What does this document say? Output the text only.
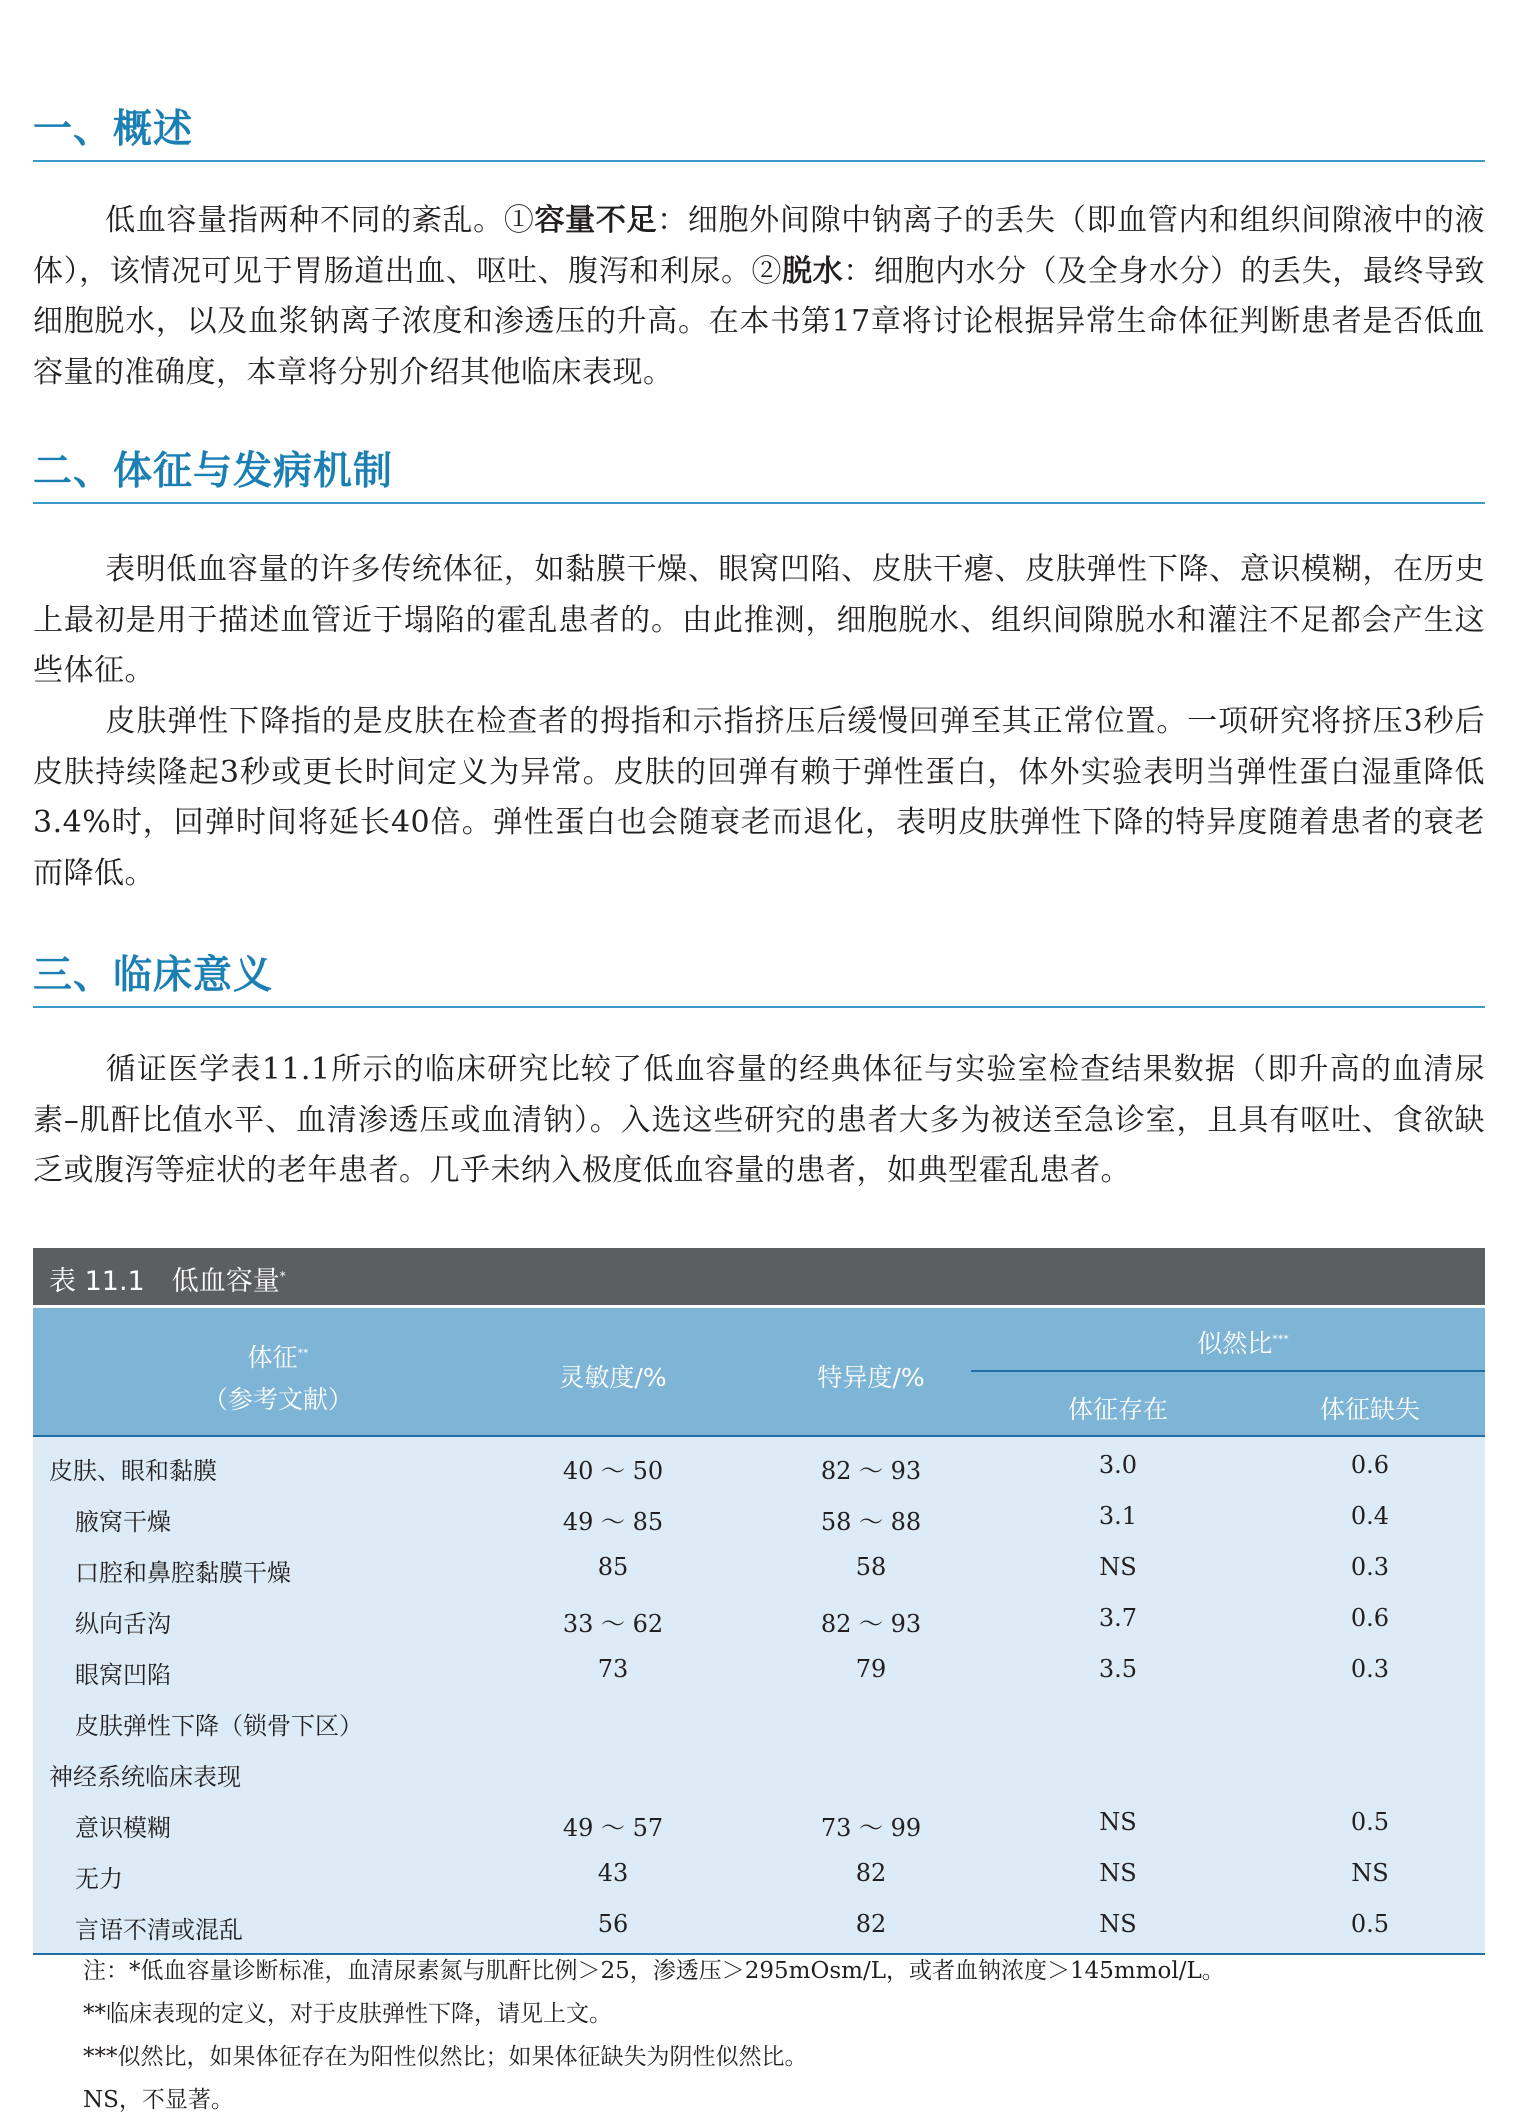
一、概述

低血容量指两种不同的紊乱。①容量不足：细胞外间隙中钠离子的丢失（即血管内和组织间隙液中的液体），该情况可见于胃肠道出血、呕吐、腹泻和利尿。②脱水：细胞内水分（及全身水分）的丢失，最终导致细胞脱水，以及血浆钠离子浓度和渗透压的升高。在本书第17章将讨论根据异常生命体征判断患者是否低血容量的准确度，本章将分别介绍其他临床表现。

二、体征与发病机制

表明低血容量的许多传统体征，如黏膜干燥、眼窝凹陷、皮肤干瘪、皮肤弹性下降、意识模糊，在历史上最初是用于描述血管近于塌陷的霍乱患者的。由此推测，细胞脱水、组织间隙脱水和灌注不足都会产生这些体征。

皮肤弹性下降指的是皮肤在检查者的拇指和示指挤压后缓慢回弹至其正常位置。一项研究将挤压3秒后皮肤持续隆起3秒或更长时间定义为异常。皮肤的回弹有赖于弹性蛋白，体外实验表明当弹性蛋白湿重降低3.4%时，回弹时间将延长40倍。弹性蛋白也会随衰老而退化，表明皮肤弹性下降的特异度随着患者的衰老而降低。

三、临床意义

循证医学表11.1所示的临床研究比较了低血容量的经典体征与实验室检查结果数据（即升高的血清尿素–肌酐比值水平、血清渗透压或血清钠）。入选这些研究的患者大多为被送至急诊室，且具有呕吐、食欲缺乏或腹泻等症状的老年患者。几乎未纳入极度低血容量的患者，如典型霍乱患者。

表 11.1　低血容量*
体征**
（参考文献）
灵敏度/%	特异度/%
似然比***
体征存在	体征缺失
皮肤、眼和黏膜	40 ～ 50	82 ～ 93	3.0	0.6
腋窝干燥	49 ～ 85	58 ～ 88	3.1	0.4
口腔和鼻腔黏膜干燥	85	58	NS	0.3
纵向舌沟	33 ～ 62	82 ～ 93	3.7	0.6
眼窝凹陷	73	79	3.5	0.3
皮肤弹性下降（锁骨下区）
神经系统临床表现
意识模糊	49 ～ 57	73 ～ 99	NS	0.5
无力	43	82	NS	NS
言语不清或混乱	56	82	NS	0.5
注：*低血容量诊断标准，血清尿素氮与肌酐比例＞25，渗透压＞295mOsm/L，或者血钠浓度＞145mmol/L。
**临床表现的定义，对于皮肤弹性下降，请见上文。
***似然比，如果体征存在为阳性似然比；如果体征缺失为阴性似然比。
NS，不显著。
